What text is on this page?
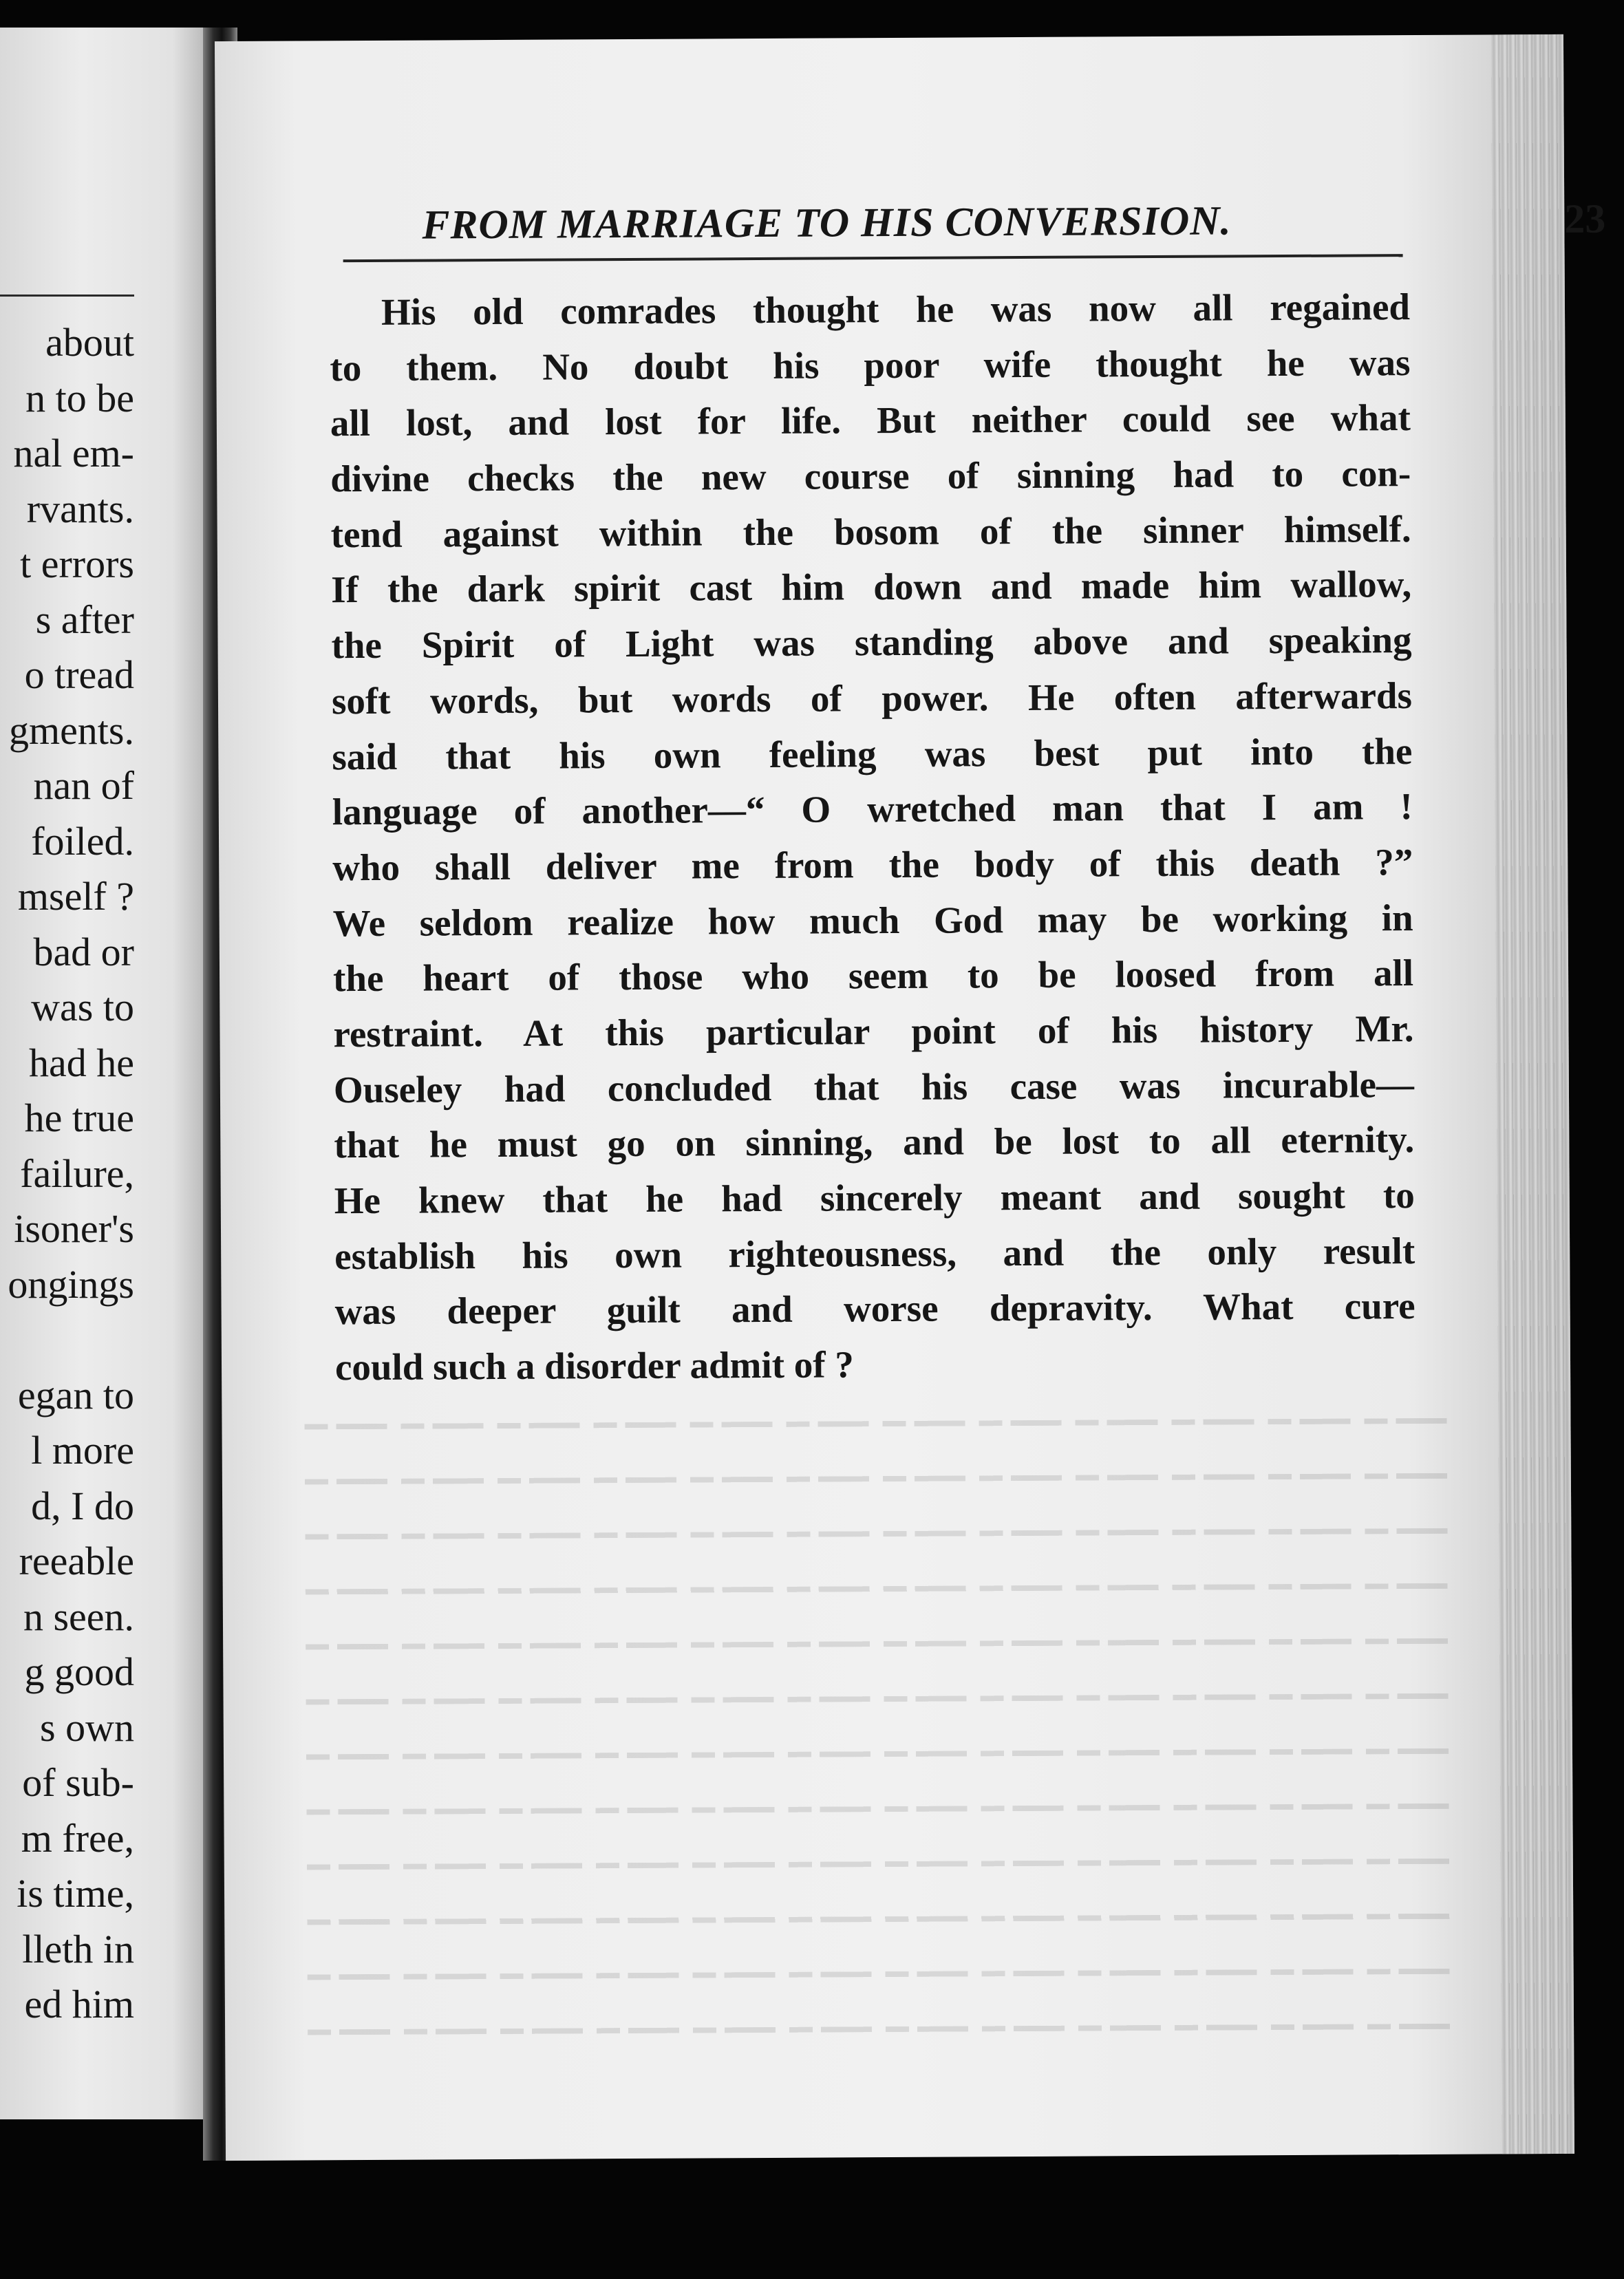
about
n to be
nal em-
rvants.
t errors
s after
o tread
gments.
nan of
foiled.
mself ?
bad or
was to
had he
he true
failure,
isoner's
ongings
egan to
l more
d, I do
reeable
n seen.
g good
s own
of sub-
m free,
is time,
lleth in
ed him
FROM MARRIAGE TO HIS CONVERSION.	23
His old comrades thought he was now all regained
to them. No doubt his poor wife thought he was
all lost, and lost for life. But neither could see what
divine checks the new course of sinning had to con-
tend against within the bosom of the sinner himself.
If the dark spirit cast him down and made him wallow,
the Spirit of Light was standing above and speaking
soft words, but words of power. He often afterwards
said that his own feeling was best put into the
language of another—“ O wretched man that I am !
who shall deliver me from the body of this death ?”
We seldom realize how much God may be working in
the heart of those who seem to be loosed from all
restraint. At this particular point of his history Mr.
Ouseley had concluded that his case was incurable—
that he must go on sinning, and be lost to all eternity.
He knew that he had sincerely meant and sought to
establish his own righteousness, and the only result
was deeper guilt and worse depravity. What cure
could such a disorder admit of ?
